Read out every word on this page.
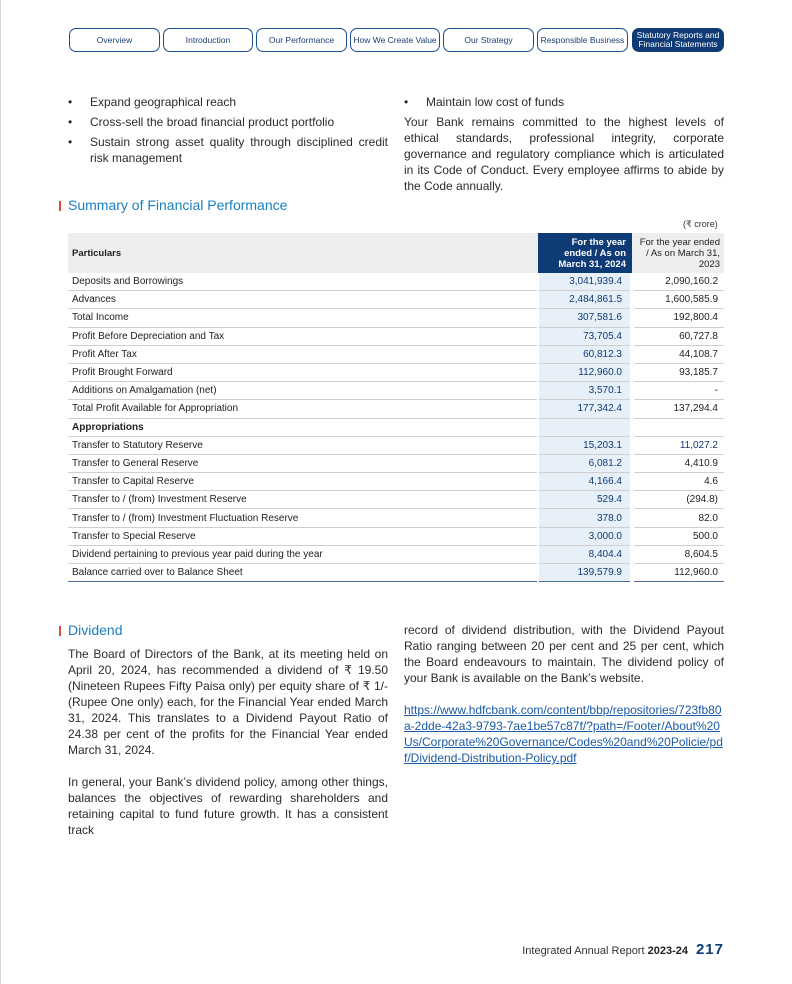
Overview	Introduction	Our Performance	How We Create Value	Our Strategy	Responsible Business	Statutory Reports and Financial Statements
• Expand geographical reach
• Cross-sell the broad financial product portfolio
• Sustain strong asset quality through disciplined credit risk management
• Maintain low cost of funds

Your Bank remains committed to the highest levels of ethical standards, professional integrity, corporate governance and regulatory compliance which is articulated in its Code of Conduct. Every employee affirms to abide by the Code annually.

Summary of Financial Performance
(₹ crore)
Particulars	For the year ended / As on March 31, 2024	For the year ended / As on March 31, 2023
Deposits and Borrowings	3,041,939.4	2,090,160.2
Advances	2,484,861.5	1,600,585.9
Total Income	307,581.6	192,800.4
Profit Before Depreciation and Tax	73,705.4	60,727.8
Profit After Tax	60,812.3	44,108.7
Profit Brought Forward	112,960.0	93,185.7
Additions on Amalgamation (net)	3,570.1	-
Total Profit Available for Appropriation	177,342.4	137,294.4
Appropriations		
Transfer to Statutory Reserve	15,203.1	11,027.2
Transfer to General Reserve	6,081.2	4,410.9
Transfer to Capital Reserve	4,166.4	4.6
Transfer to / (from) Investment Reserve	529.4	(294.8)
Transfer to / (from) Investment Fluctuation Reserve	378.0	82.0
Transfer to Special Reserve	3,000.0	500.0
Dividend pertaining to previous year paid during the year	8,404.4	8,604.5
Balance carried over to Balance Sheet	139,579.9	112,960.0
Dividend

The Board of Directors of the Bank, at its meeting held on April 20, 2024, has recommended a dividend of ₹ 19.50 (Nineteen Rupees Fifty Paisa only) per equity share of ₹ 1/- (Rupee One only) each, for the Financial Year ended March 31, 2024. This translates to a Dividend Payout Ratio of 24.38 per cent of the profits for the Financial Year ended March 31, 2024.

In general, your Bank’s dividend policy, among other things, balances the objectives of rewarding shareholders and retaining capital to fund future growth. It has a consistent track

record of dividend distribution, with the Dividend Payout Ratio ranging between 20 per cent and 25 per cent, which the Board endeavours to maintain. The dividend policy of your Bank is available on the Bank’s website.

https://www.hdfcbank.com/content/bbp/repositories/723fb80a-2dde-42a3-9793-7ae1be57c87f/?path=/Footer/About%20Us/Corporate%20Governance/Codes%20and%20Policie/pdf/Dividend-Distribution-Policy.pdf

Integrated Annual Report 2023-24 217
